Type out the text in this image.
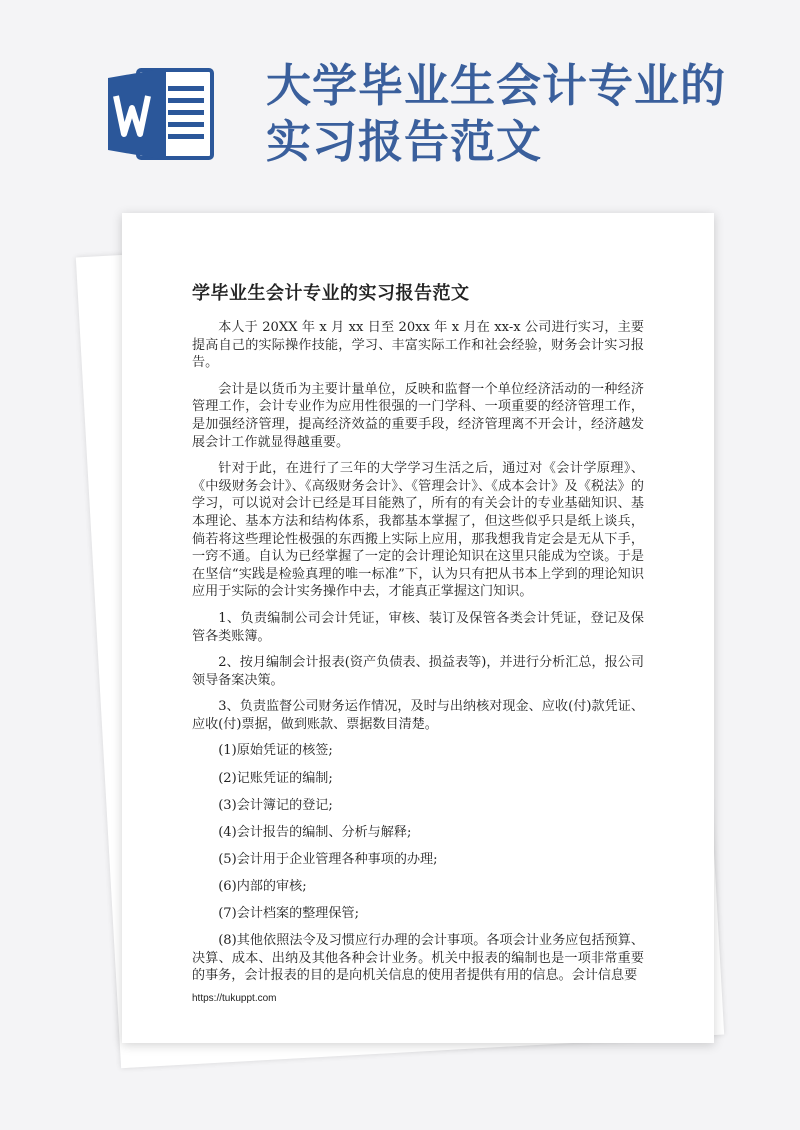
大学毕业生会计专业的实习报告范文
学毕业生会计专业的实习报告范文

本人于 20XX 年 x 月 xx 日至 20xx 年 x 月在 xx-x 公司进行实习，主要提高自己的实际操作技能，学习、丰富实际工作和社会经验，财务会计实习报告。

会计是以货币为主要计量单位，反映和监督一个单位经济活动的一种经济管理工作，会计专业作为应用性很强的一门学科、一项重要的经济管理工作，是加强经济管理，提高经济效益的重要手段，经济管理离不开会计，经济越发展会计工作就显得越重要。

针对于此，在进行了三年的大学学习生活之后，通过对《会计学原理》、《中级财务会计》、《高级财务会计》、《管理会计》、《成本会计》及《税法》的学习，可以说对会计已经是耳目能熟了，所有的有关会计的专业基础知识、基本理论、基本方法和结构体系，我都基本掌握了，但这些似乎只是纸上谈兵，倘若将这些理论性极强的东西搬上实际上应用，那我想我肯定会是无从下手，一窍不通。自认为已经掌握了一定的会计理论知识在这里只能成为空谈。于是在坚信“实践是检验真理的唯一标准”下，认为只有把从书本上学到的理论知识应用于实际的会计实务操作中去，才能真正掌握这门知识。

1、负责编制公司会计凭证，审核、装订及保管各类会计凭证，登记及保管各类账簿。

2、按月编制会计报表(资产负债表、损益表等)，并进行分析汇总，报公司领导备案决策。

3、负责监督公司财务运作情况，及时与出纳核对现金、应收(付)款凭证、应收(付)票据，做到账款、票据数目清楚。

(1)原始凭证的核签;

(2)记账凭证的编制;

(3)会计簿记的登记;

(4)会计报告的编制、分析与解释;

(5)会计用于企业管理各种事项的办理;

(6)内部的审核;

(7)会计档案的整理保管;

(8)其他依照法令及习惯应行办理的会计事项。各项会计业务应包括预算、决算、成本、出纳及其他各种会计业务。机关中报表的编制也是一项非常重要的事务，会计报表的目的是向机关信息的使用者提供有用的信息。会计信息要

https://tukuppt.com
